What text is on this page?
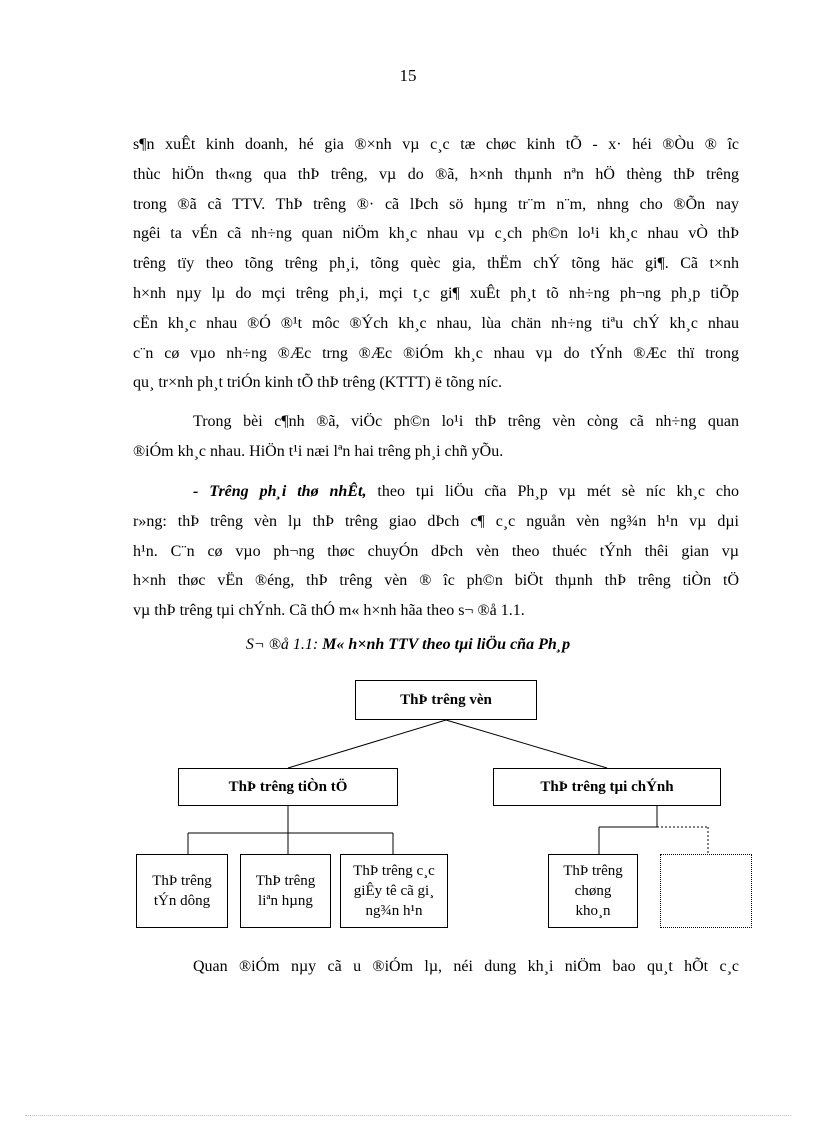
15
s¶n xuÊt kinh doanh, hé gia ®×nh vµ c¸c tæ chøc kinh tÕ - x· héi ®Òu ® îc
thùc hiÖn th«ng qua thÞ trêng, vµ do ®ã, h×nh thµnh nªn hÖ thèng thÞ trêng
trong ®ã cã TTV. ThÞ trêng ®· cã lÞch sö hµng tr¨m n¨m, nhng cho ®Õn nay
ngêi ta vÉn cã nh÷ng quan niÖm kh¸c nhau vµ c¸ch ph©n lo¹i kh¸c nhau vÒ thÞ
trêng tïy theo tõng trêng ph¸i, tõng quèc gia, thËm chÝ tõng häc gi¶. Cã t×nh
h×nh nµy lµ do mçi trêng ph¸i, mçi t¸c gi¶ xuÊt ph¸t tõ nh÷ng ph¬ng ph¸p tiÕp
cËn kh¸c nhau ®Ó ®¹t môc ®Ých kh¸c nhau, lùa chän nh÷ng tiªu chÝ kh¸c nhau
c¨n cø vµo nh÷ng ®Æc trng ®Æc ®iÓm kh¸c nhau vµ do tÝnh ®Æc thï trong
qu¸ tr×nh ph¸t triÓn kinh tÕ thÞ trêng (KTTT) ë tõng níc.
Trong bèi c¶nh ®ã, viÖc ph©n lo¹i thÞ trêng vèn còng cã nh÷ng quan
®iÓm kh¸c nhau. HiÖn t¹i næi lªn hai trêng ph¸i chñ yÕu.
- Trêng ph¸i thø nhÊt, theo tµi liÖu cña Ph¸p vµ mét sè níc kh¸c cho
r»ng: thÞ trêng vèn lµ thÞ trêng giao dÞch c¶ c¸c nguån vèn ng¾n h¹n vµ dµi
h¹n. C¨n cø vµo ph¬ng thøc chuyÓn dÞch vèn theo thuéc tÝnh thêi gian vµ
h×nh thøc vËn ®éng, thÞ trêng vèn ® îc ph©n biÖt thµnh thÞ trêng tiÒn tÖ
vµ thÞ trêng tµi chÝnh. Cã thÓ m« h×nh hãa theo s¬ ®å 1.1.
S¬ ®å 1.1: M« h×nh TTV theo tµi liÖu cña Ph¸p
ThÞ trêng vèn
ThÞ trêng tiÒn tÖ	ThÞ trêng tµi chÝnh
ThÞ trêng
tÝn dông
ThÞ trêng
liªn hµng
ThÞ trêng c¸c
giÊy tê cã gi¸
ng¾n h¹n
ThÞ trêng
chøng
kho¸n
Quan ®iÓm nµy cã u ®iÓm lµ, néi dung kh¸i niÖm bao qu¸t hÕt c¸c
